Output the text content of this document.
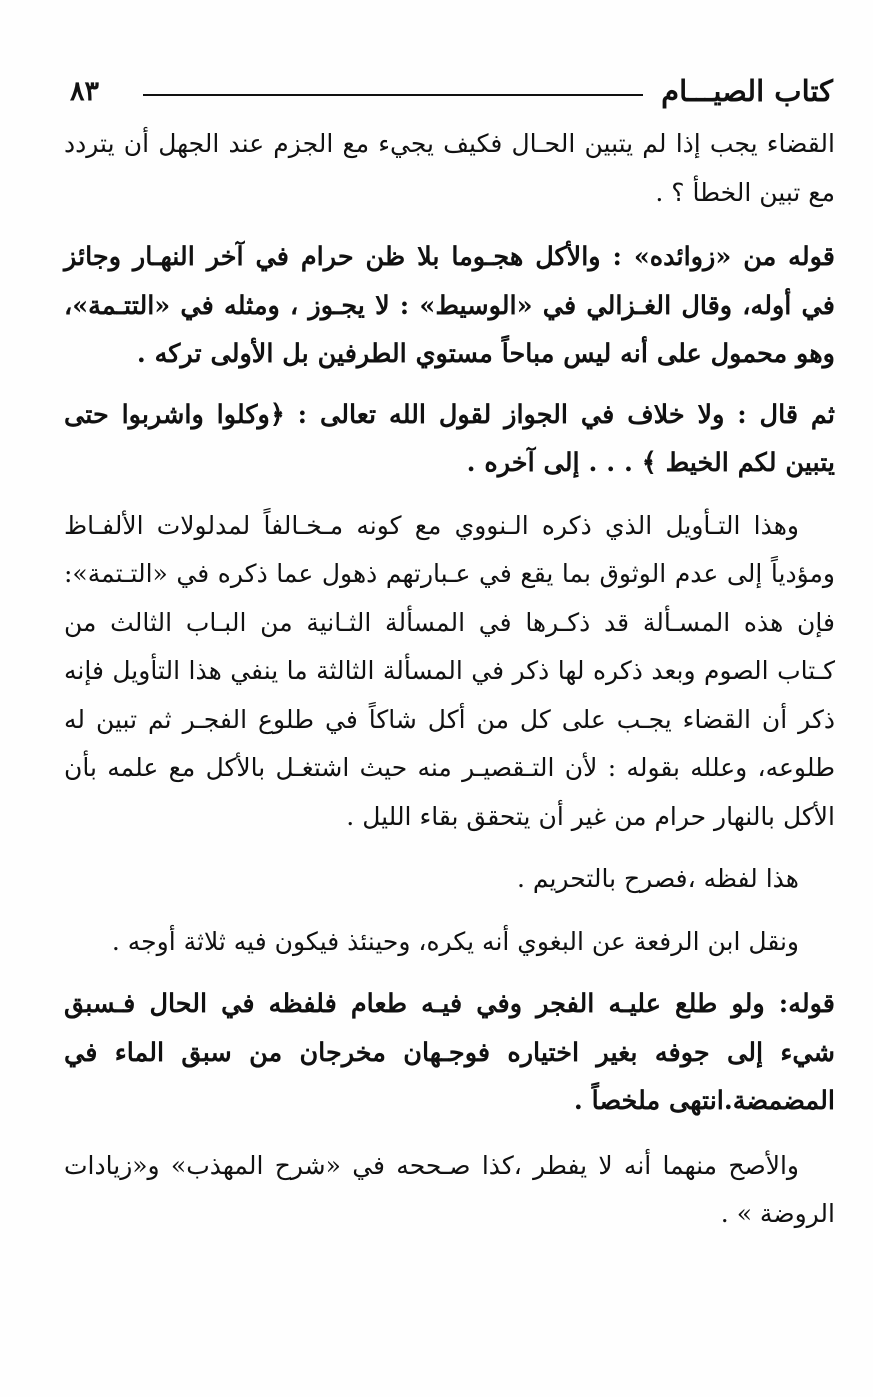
كتاب الصيـــام
٨٣

القضاء يجب إذا لم يتبين الحـال فكيف يجيء مع الجزم عند الجهل أن يتردد مع تبين الخطأ ؟ .

قوله من «زوائده» : والأكل هجـوما بلا ظن حرام في آخر النهـار وجائز في أوله، وقال الغـزالي في «الوسيط» : لا يجـوز ، ومثله في «التتـمة»، وهو محمول على أنه ليس مباحاً مستوي الطرفين بل الأولى تركه .

ثم قال : ولا خلاف في الجواز لقول الله تعالى : ﴿وكلوا واشربوا حتى يتبين لكم الخيط ﴾ . . . إلى آخره .

وهذا التـأويل الذي ذكره الـنووي مع كونه مـخـالفاً لمدلولات الألفـاظ ومؤدياً إلى عدم الوثوق بما يقع في عـبارتهم ذهول عما ذكره في «التـتمة»: فإن هذه المسـألة قد ذكـرها في المسألة الثـانية من البـاب الثالث من كـتاب الصوم وبعد ذكره لها ذكر في المسألة الثالثة ما ينفي هذا التأويل فإنه ذكر أن القضاء يجـب على كل من أكل شاكاً في طلوع الفجـر ثم تبين له طلوعه، وعلله بقوله : لأن التـقصيـر منه حيث اشتغـل بالأكل مع علمه بأن الأكل بالنهار حرام من غير أن يتحقق بقاء الليل .

هذا لفظه ،فصرح بالتحريم .

ونقل ابن الرفعة عن البغوي أنه يكره، وحينئذ فيكون فيه ثلاثة أوجه .

قوله: ولو طلع عليـه الفجر وفي فيـه طعام فلفظه في الحال فـسبق شيء إلى جوفه بغير اختياره فوجـهان مخرجان من سبق الماء في المضمضة.انتهى ملخصاً .

والأصح منهما أنه لا يفطر ،كذا صـححه في «شرح المهذب» و«زيادات الروضة » .
